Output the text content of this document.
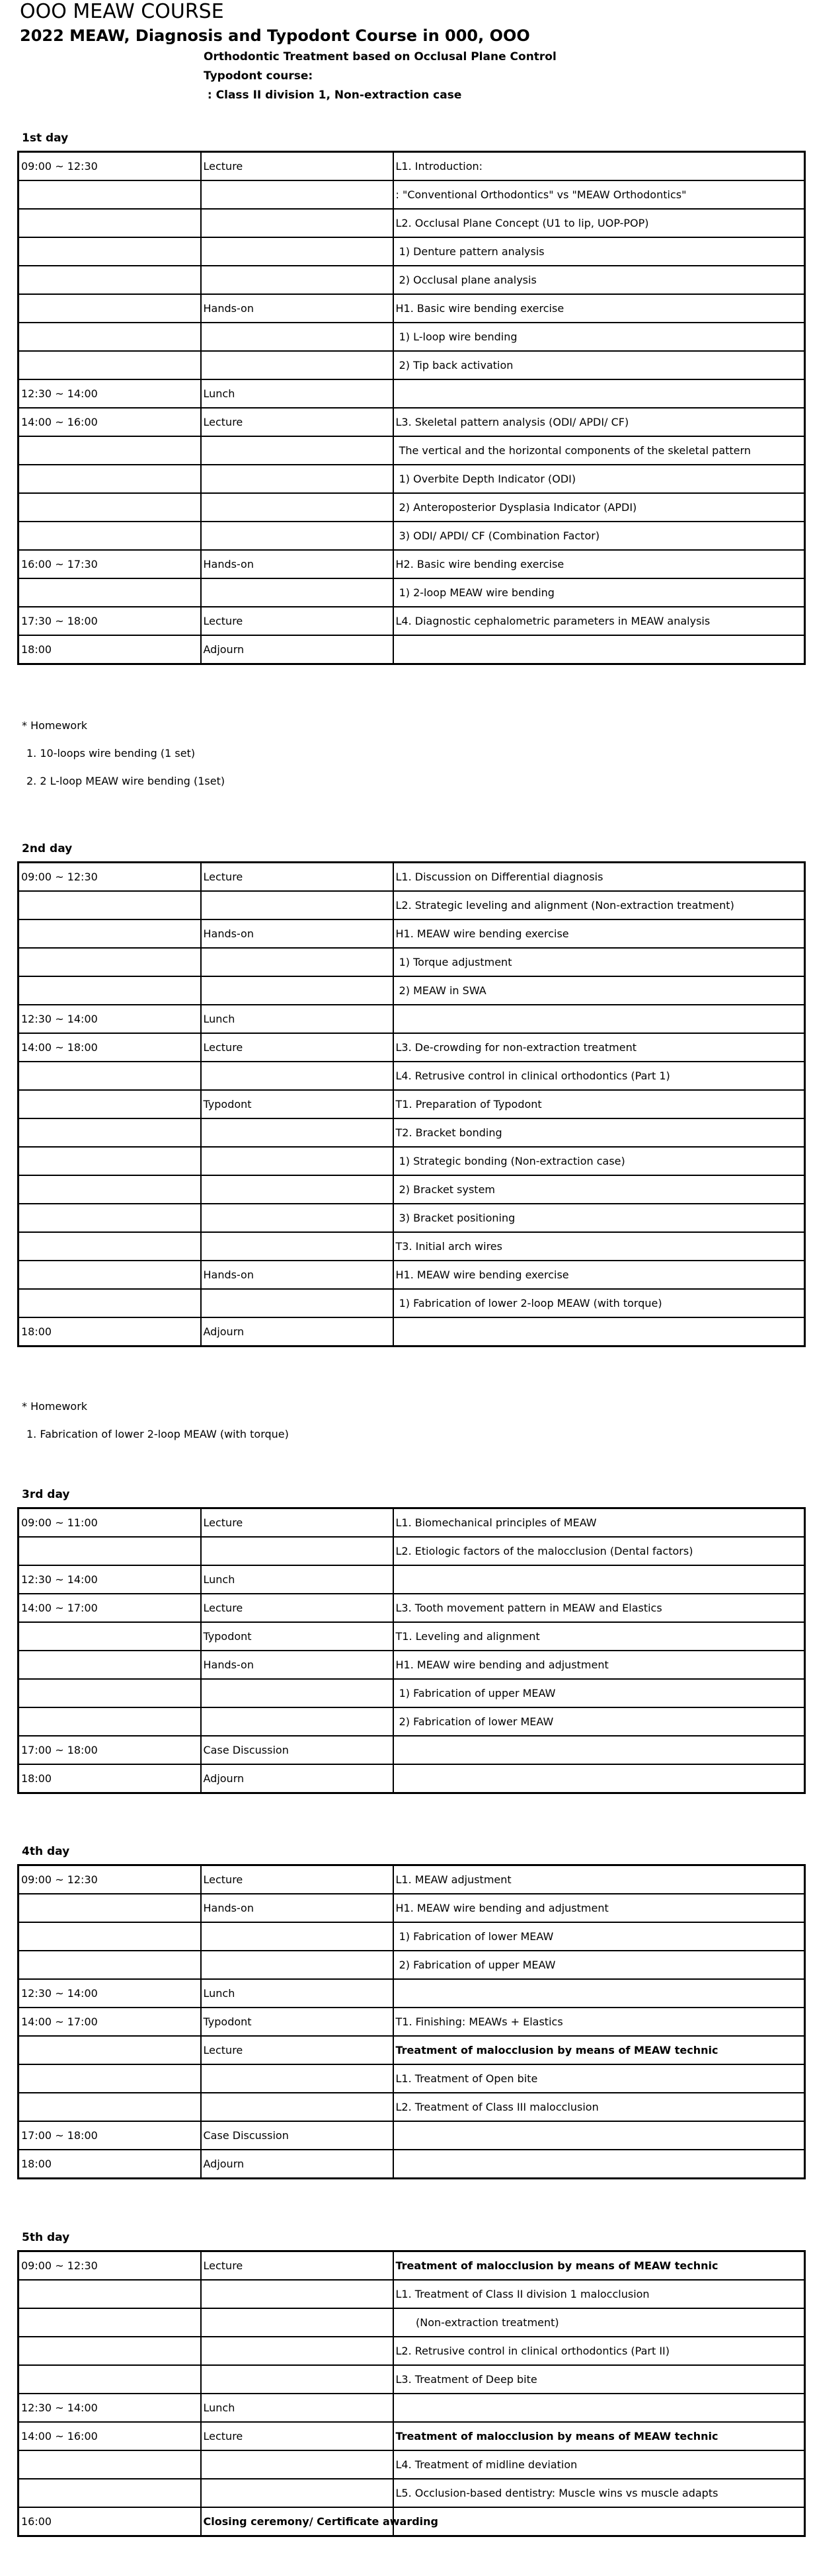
OOO MEAW COURSE
2022 MEAW, Diagnosis and Typodont Course in 000, OOO
Orthodontic Treatment based on Occlusal Plane Control
Typodont course:
: Class II division 1, Non-extraction case
1st day
09:00 ~ 12:30	Lecture	L1. Introduction:
		: "Conventional Orthodontics" vs "MEAW Orthodontics"
		L2. Occlusal Plane Concept (U1 to lip, UOP-POP)
		1) Denture pattern analysis
		2) Occlusal plane analysis
	Hands-on	H1. Basic wire bending exercise
		1) L-loop wire bending
		2) Tip back activation
12:30 ~ 14:00	Lunch	
14:00 ~ 16:00	Lecture	L3. Skeletal pattern analysis (ODI/ APDI/ CF)
		The vertical and the horizontal components of the skeletal pattern
		1) Overbite Depth Indicator (ODI)
		2) Anteroposterior Dysplasia Indicator (APDI)
		3) ODI/ APDI/ CF (Combination Factor)
16:00 ~ 17:30	Hands-on	H2. Basic wire bending exercise
		1) 2-loop MEAW wire bending
17:30 ~ 18:00	Lecture	L4. Diagnostic cephalometric parameters in MEAW analysis
18:00	Adjourn	
* Homework
1. 10-loops wire bending (1 set)
2. 2 L-loop MEAW wire bending (1set)
2nd day
09:00 ~ 12:30	Lecture	L1. Discussion on Differential diagnosis
		L2. Strategic leveling and alignment (Non-extraction treatment)
	Hands-on	H1. MEAW wire bending exercise
		1) Torque adjustment
		2) MEAW in SWA
12:30 ~ 14:00	Lunch	
14:00 ~ 18:00	Lecture	L3. De-crowding for non-extraction treatment
		L4. Retrusive control in clinical orthodontics (Part 1)
	Typodont	T1. Preparation of Typodont
		T2. Bracket bonding
		1) Strategic bonding (Non-extraction case)
		2) Bracket system
		3) Bracket positioning
		T3. Initial arch wires
	Hands-on	H1. MEAW wire bending exercise
		1) Fabrication of lower 2-loop MEAW (with torque)
18:00	Adjourn	
* Homework
1. Fabrication of lower 2-loop MEAW (with torque)
3rd day
09:00 ~ 11:00	Lecture	L1. Biomechanical principles of MEAW
		L2. Etiologic factors of the malocclusion (Dental factors)
12:30 ~ 14:00	Lunch	
14:00 ~ 17:00	Lecture	L3. Tooth movement pattern in MEAW and Elastics
	Typodont	T1. Leveling and alignment
	Hands-on	H1. MEAW wire bending and adjustment
		1) Fabrication of upper MEAW
		2) Fabrication of lower MEAW
17:00 ~ 18:00	Case Discussion	
18:00	Adjourn	
4th day
09:00 ~ 12:30	Lecture	L1. MEAW adjustment
	Hands-on	H1. MEAW wire bending and adjustment
		1) Fabrication of lower MEAW
		2) Fabrication of upper MEAW
12:30 ~ 14:00	Lunch	
14:00 ~ 17:00	Typodont	T1. Finishing: MEAWs + Elastics
	Lecture	Treatment of malocclusion by means of MEAW technic
		L1. Treatment of Open bite
		L2. Treatment of Class III malocclusion
17:00 ~ 18:00	Case Discussion	
18:00	Adjourn	
5th day
09:00 ~ 12:30	Lecture	Treatment of malocclusion by means of MEAW technic
		L1. Treatment of Class II division 1 malocclusion
		(Non-extraction treatment)
		L2. Retrusive control in clinical orthodontics (Part II)
		L3. Treatment of Deep bite
12:30 ~ 14:00	Lunch	
14:00 ~ 16:00	Lecture	Treatment of malocclusion by means of MEAW technic
		L4. Treatment of midline deviation
		L5. Occlusion-based dentistry: Muscle wins vs muscle adapts
16:00	Closing ceremony/ Certificate awarding	
